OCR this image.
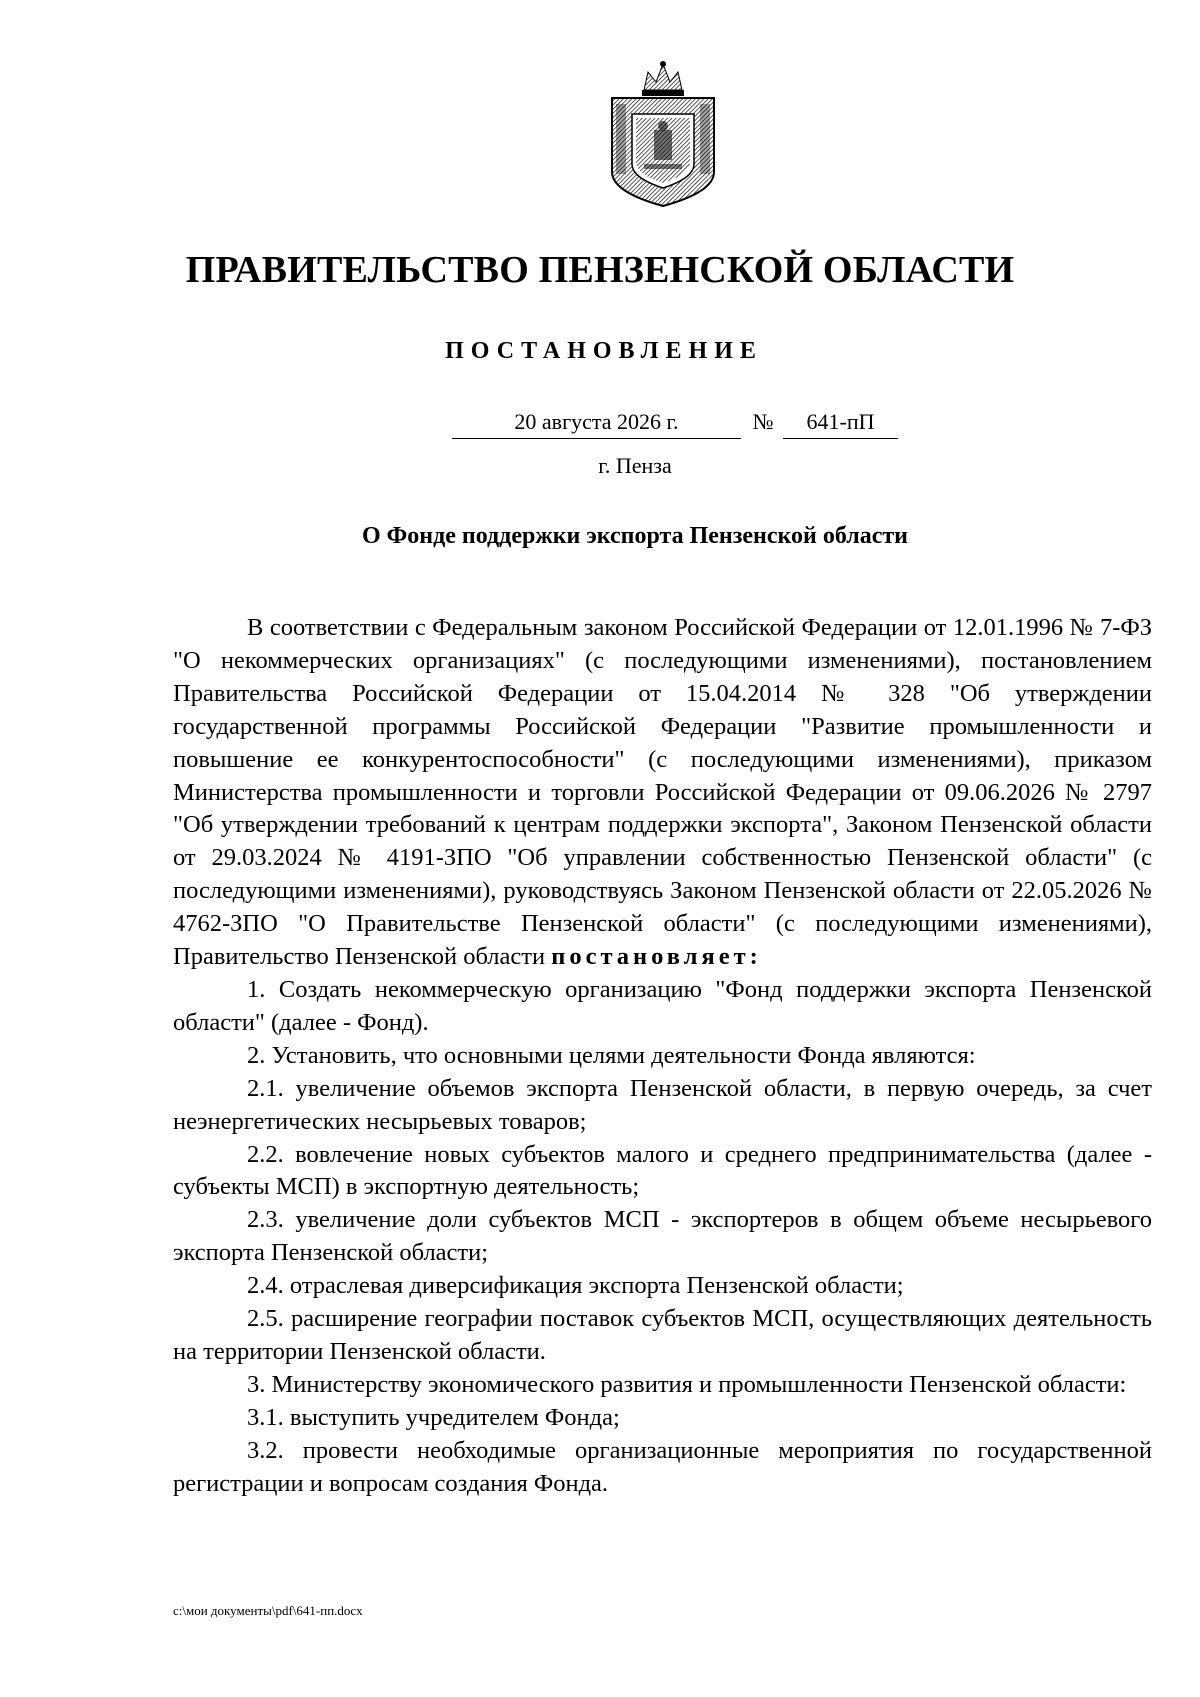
ПРАВИТЕЛЬСТВО ПЕНЗЕНСКОЙ ОБЛАСТИ
ПОСТАНОВЛЕНИЕ
20 августа 2026 г.	№	641-пП
г. Пенза
О Фонде поддержки экспорта Пензенской области

В соответствии с Федеральным законом Российской Федерации от 12.01.1996 № 7-ФЗ "О некоммерческих организациях" (с последующими изменениями), постановлением Правительства Российской Федерации от 15.04.2014 № 328 "Об утверждении государственной программы Российской Федерации "Развитие промышленности и повышение ее конкурентоспособности" (с последующими изменениями), приказом Министерства промышленности и торговли Российской Федерации от 09.06.2026 № 2797 "Об утверждении требований к центрам поддержки экспорта", Законом Пензенской области от 29.03.2024 № 4191-ЗПО "Об управлении собственностью Пензенской области" (с последующими изменениями), руководствуясь Законом Пензенской области от 22.05.2026 № 4762-ЗПО "О Правительстве Пензенской области" (с последующими изменениями), Правительство Пензенской области постановляет:

1. Создать некоммерческую организацию "Фонд поддержки экспорта Пензенской области" (далее - Фонд).

2. Установить, что основными целями деятельности Фонда являются:

2.1. увеличение объемов экспорта Пензенской области, в первую очередь, за счет неэнергетических несырьевых товаров;

2.2. вовлечение новых субъектов малого и среднего предпринимательства (далее - субъекты МСП) в экспортную деятельность;

2.3. увеличение доли субъектов МСП - экспортеров в общем объеме несырьевого экспорта Пензенской области;

2.4. отраслевая диверсификация экспорта Пензенской области;

2.5. расширение географии поставок субъектов МСП, осуществляющих деятельность на территории Пензенской области.

3. Министерству экономического развития и промышленности Пензенской области:

3.1. выступить учредителем Фонда;

3.2. провести необходимые организационные мероприятия по государственной регистрации и вопросам создания Фонда.

c:\мои документы\pdf\641-пп.docx
